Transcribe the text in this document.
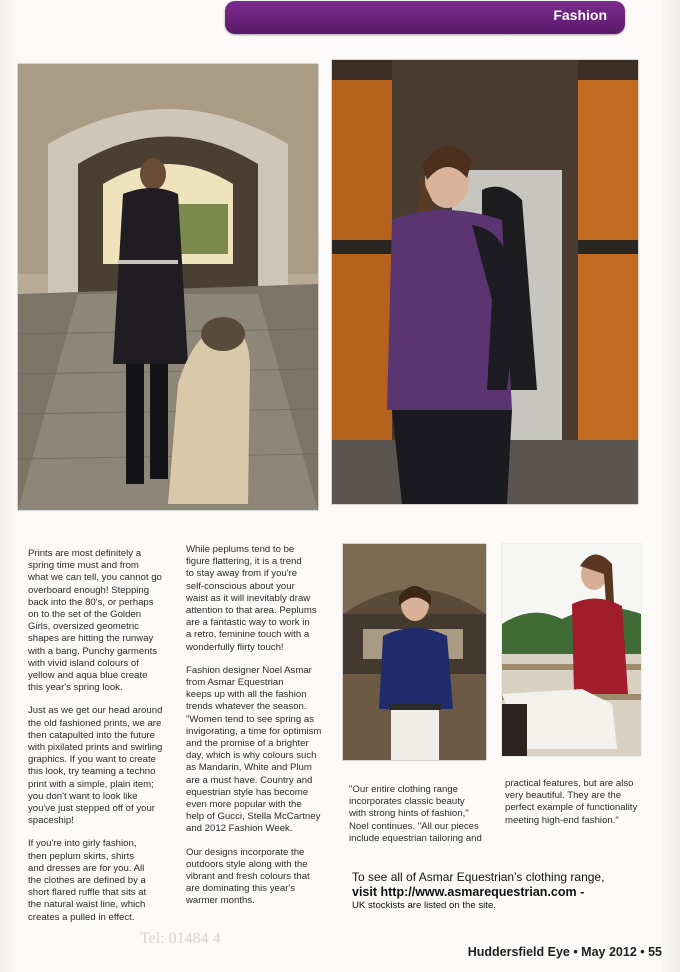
Fashion

Prints are most definitely a
spring time must and from
what we can tell, you cannot go
overboard enough! Stepping
back into the 80's, or perhaps
on to the set of the Golden
Girls, oversized geometric
shapes are hitting the runway
with a bang. Punchy garments
with vivid island colours of
yellow and aqua blue create
this year's spring look.

Just as we get our head around
the old fashioned prints, we are
then catapulted into the future
with pixilated prints and swirling
graphics. If you want to create
this look, try teaming a techno
print with a simple, plain item;
you don't want to look like
you've just stepped off of your
spaceship!

If you're into girly fashion,
then peplum skirts, shirts
and dresses are for you. All
the clothes are defined by a
short flared ruffle that sits at
the natural waist line, which
creates a pulled in effect.

While peplums tend to be
figure flattering, it is a trend
to stay away from if you're
self-conscious about your
waist as it will inevitably draw
attention to that area. Peplums
are a fantastic way to work in
a retro, feminine touch with a
wonderfully flirty touch!

Fashion designer Noel Asmar
from Asmar Equestrian
keeps up with all the fashion
trends whatever the season.
"Women tend to see spring as
invigorating, a time for optimism
and the promise of a brighter
day, which is why colours such
as Mandarin, White and Plum
are a must have. Country and
equestrian style has become
even more popular with the
help of Gucci, Stella McCartney
and 2012 Fashion Week.

Our designs incorporate the
outdoors style along with the
vibrant and fresh colours that
are dominating this year's
warmer months.

"Our entire clothing range
incorporates classic beauty
with strong hints of fashion,"
Noel continues. "All our pieces
include equestrian tailoring and
practical features, but are also
very beautiful. They are the
perfect example of functionality
meeting high-end fashion."
To see all of Asmar Equestrian's clothing range,
visit http://www.asmarequestrian.com -
UK stockists are listed on the site.
Tel: 01484 4
Huddersfield Eye • May 2012 • 55
